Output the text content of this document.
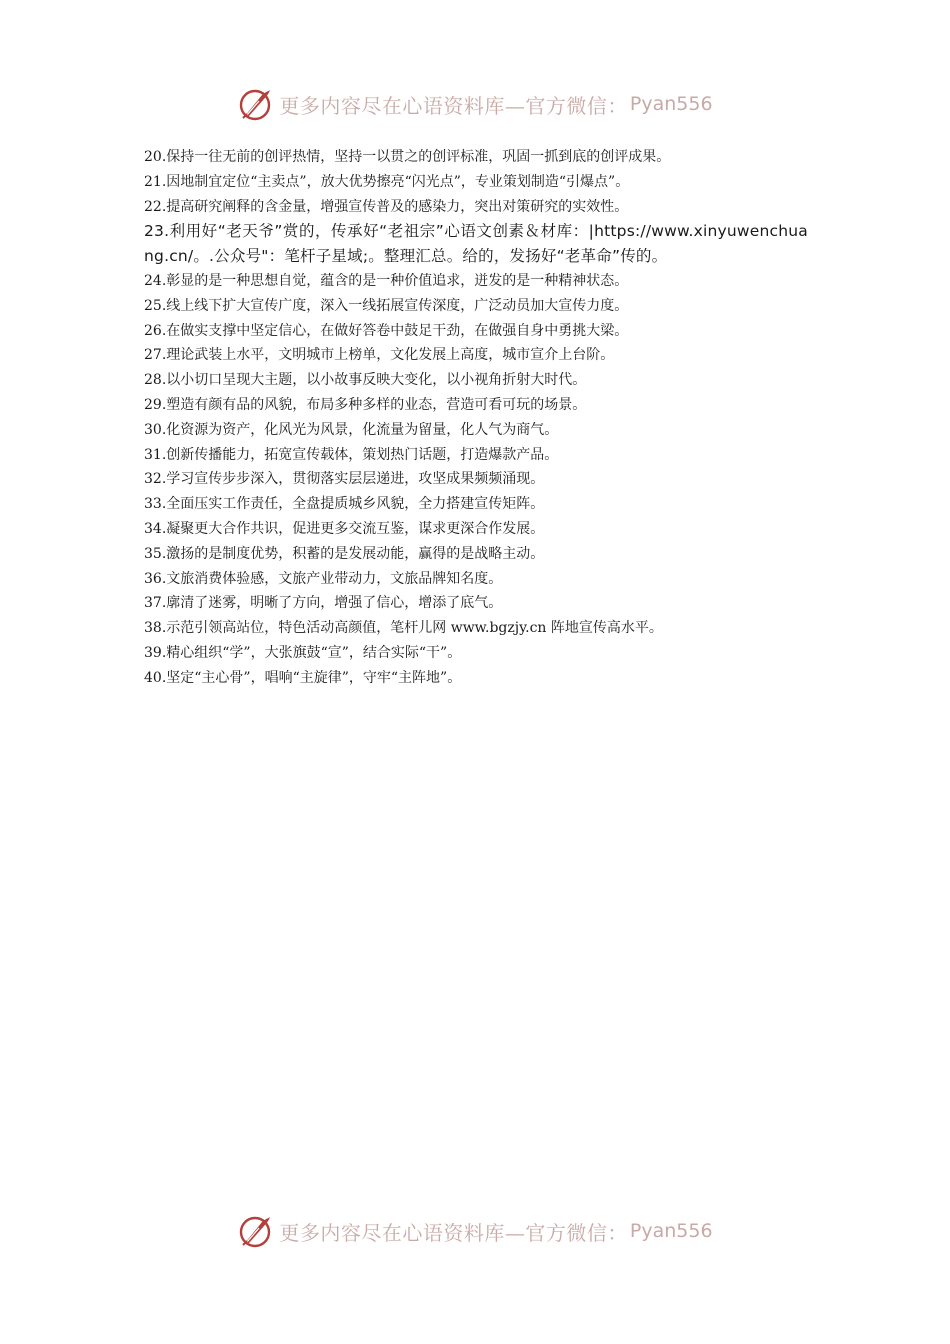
更多内容尽在心语资料库—官方微信： Pyan556
20.保持一往无前的创评热情，坚持一以贯之的创评标准，巩固一抓到底的创评成果。
21.因地制宜定位“主卖点”，放大优势擦亮“闪光点”，专业策划制造“引爆点”。
22.提高研究阐释的含金量，增强宣传普及的感染力，突出对策研究的实效性。
23.利用好“老天爷”赏的，传承好“老祖宗”心语文创素＆材库：|https://www.xinyuwenchuang.cn/。.公众号"：笔杆子星域;。整理汇总。给的，发扬好“老革命”传的。
24.彰显的是一种思想自觉，蕴含的是一种价值追求，迸发的是一种精神状态。
25.线上线下扩大宣传广度，深入一线拓展宣传深度，广泛动员加大宣传力度。
26.在做实支撑中坚定信心，在做好答卷中鼓足干劲，在做强自身中勇挑大梁。
27.理论武装上水平，文明城市上榜单，文化发展上高度，城市宣介上台阶。
28.以小切口呈现大主题，以小故事反映大变化，以小视角折射大时代。
29.塑造有颜有品的风貌，布局多种多样的业态，营造可看可玩的场景。
30.化资源为资产，化风光为风景，化流量为留量，化人气为商气。
31.创新传播能力，拓宽宣传载体，策划热门话题，打造爆款产品。
32.学习宣传步步深入，贯彻落实层层递进，攻坚成果频频涌现。
33.全面压实工作责任，全盘提质城乡风貌，全力搭建宣传矩阵。
34.凝聚更大合作共识，促进更多交流互鉴，谋求更深合作发展。
35.激扬的是制度优势，积蓄的是发展动能，赢得的是战略主动。
36.文旅消费体验感，文旅产业带动力，文旅品牌知名度。
37.廓清了迷雾，明晰了方向，增强了信心，增添了底气。
38.示范引领高站位，特色活动高颜值，笔杆儿网 www.bgzjy.cn 阵地宣传高水平。
39.精心组织“学”，大张旗鼓“宣”，结合实际“干”。
40.坚定“主心骨”，唱响“主旋律”，守牢“主阵地”。
更多内容尽在心语资料库—官方微信： Pyan556
